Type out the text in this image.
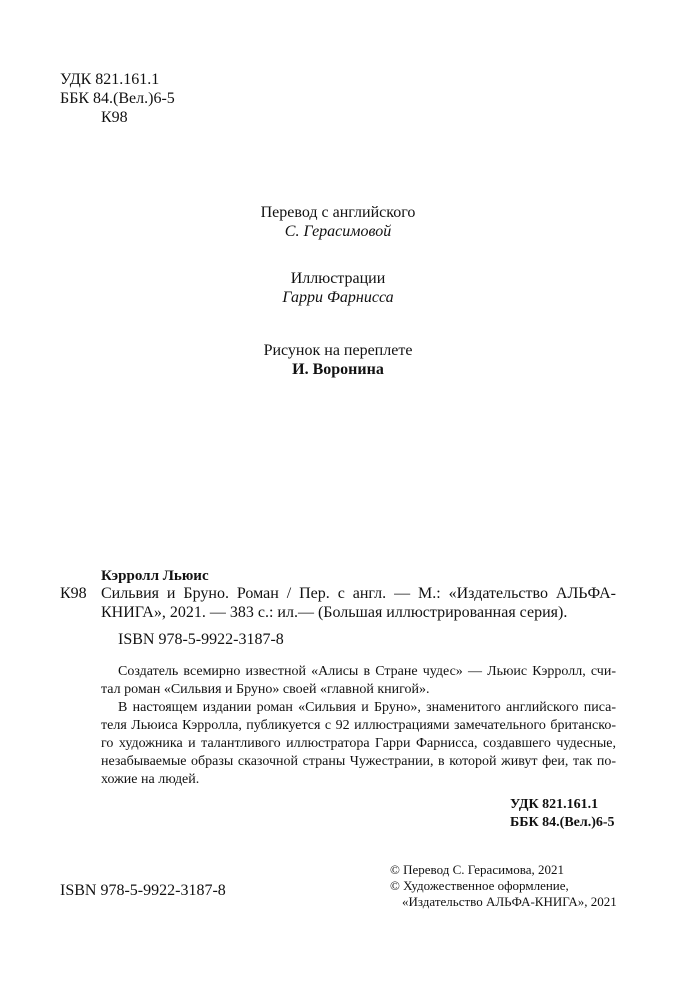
УДК 821.161.1
ББК 84.(Вел.)6-5
К98
Перевод с английского
С. Герасимовой
Иллюстрации
Гарри Фарнисса
Рисунок на переплете
И. Воронина
Кэрролл Льюис
К98 Сильвия и Бруно. Роман / Пер. с англ. — М.: «Издательство АЛЬФА-
КНИГА», 2021. — 383 с.: ил.— (Большая иллюстрированная серия).
ISBN 978-5-9922-3187-8
Создатель всемирно известной «Алисы в Стране чудес» — Льюис Кэрролл, счи-
тал роман «Сильвия и Бруно» своей «главной книгой».
В настоящем издании роман «Сильвия и Бруно», знаменитого английского писа-
теля Льюиса Кэрролла, публикуется с 92 иллюстрациями замечательного британско-
го художника и талантливого иллюстратора Гарри Фарнисса, создавшего чудесные,
незабываемые образы сказочной страны Чужестрании, в которой живут феи, так по-
хожие на людей.
УДК 821.161.1
ББК 84.(Вел.)6-5
ISBN 978-5-9922-3187-8
© Перевод С. Герасимова, 2021
© Художественное оформление,
«Издательство АЛЬФА-КНИГА», 2021
